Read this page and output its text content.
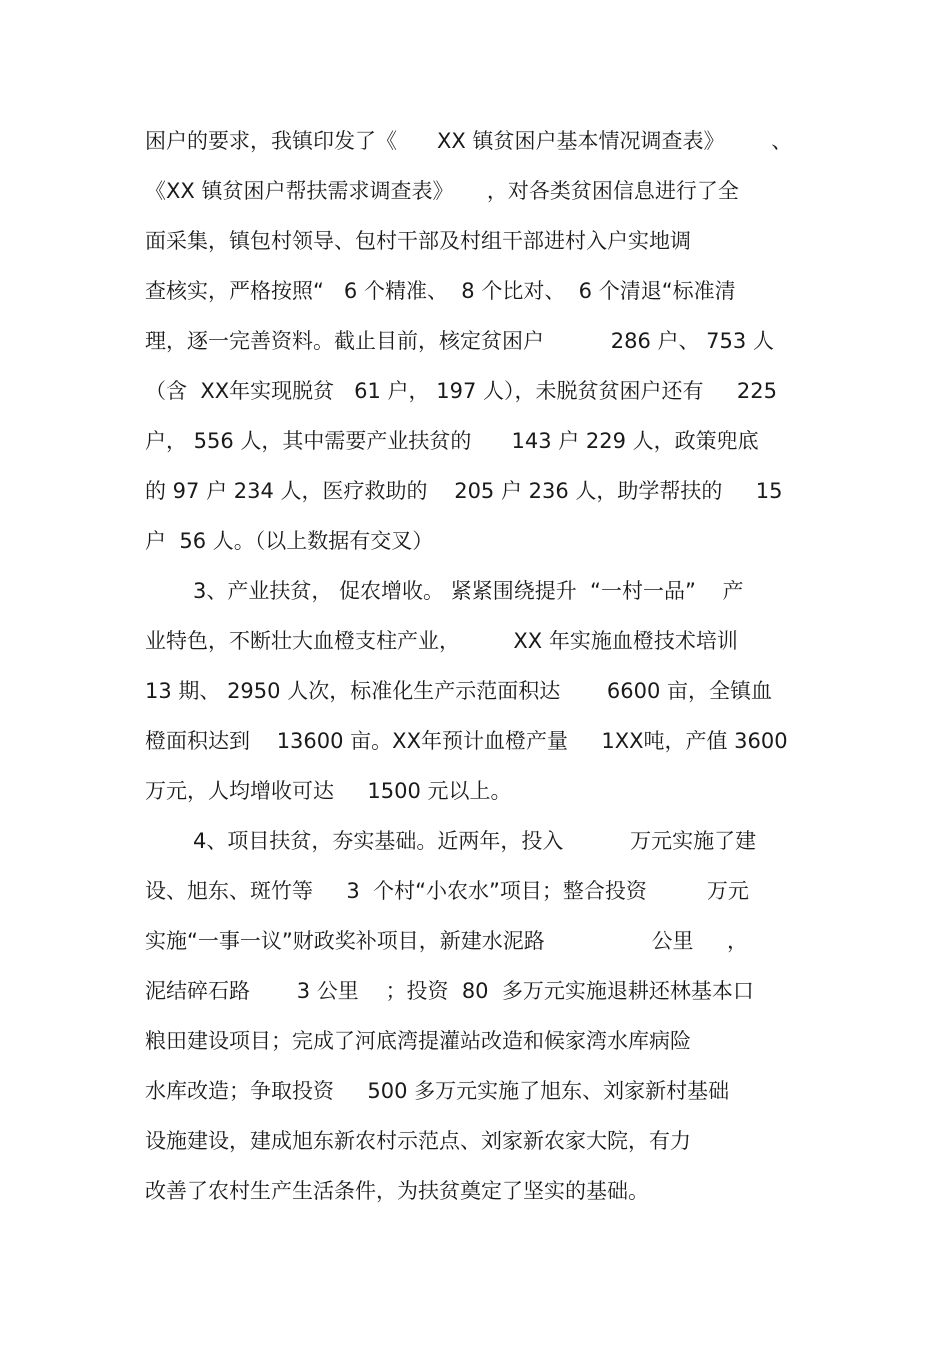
困户的要求，我镇印发了《      XX 镇贫困户基本情况调查表》       、
《XX 镇贫困户帮扶需求调查表》     ，对各类贫困信息进行了全
面采集，镇包村领导、包村干部及村组干部进村入户实地调
查核实，严格按照“   6 个精准、  8 个比对、  6 个清退“标准清
理，逐一完善资料。截止目前，核定贫困户          286 户、 753 人
（含  XX年实现脱贫   61 户， 197 人），未脱贫贫困户还有     225
户， 556 人，其中需要产业扶贫的      143 户 229 人，政策兜底
的 97 户 234 人，医疗救助的    205 户 236 人，助学帮扶的     15
户  56 人。（以上数据有交叉）
3、产业扶贫， 促农增收。 紧紧围绕提升  “一村一品”    产
业特色，不断壮大血橙支柱产业，        XX 年实施血橙技术培训
13 期、 2950 人次，标准化生产示范面积达       6600 亩，全镇血
橙面积达到    13600 亩。XX年预计血橙产量     1XX吨，产值 3600
万元，人均增收可达     1500 元以上。
4、项目扶贫，夯实基础。近两年，投入          万元实施了建
设、旭东、斑竹等     3  个村“小农水”项目；整合投资         万元
实施“一事一议”财政奖补项目，新建水泥路                公里     ，
泥结碎石路       3 公里    ；投资  80  多万元实施退耕还林基本口
粮田建设项目；完成了河底湾提灌站改造和候家湾水库病险
水库改造；争取投资     500 多万元实施了旭东、刘家新村基础
设施建设，建成旭东新农村示范点、刘家新农家大院，有力
改善了农村生产生活条件，为扶贫奠定了坚实的基础。
